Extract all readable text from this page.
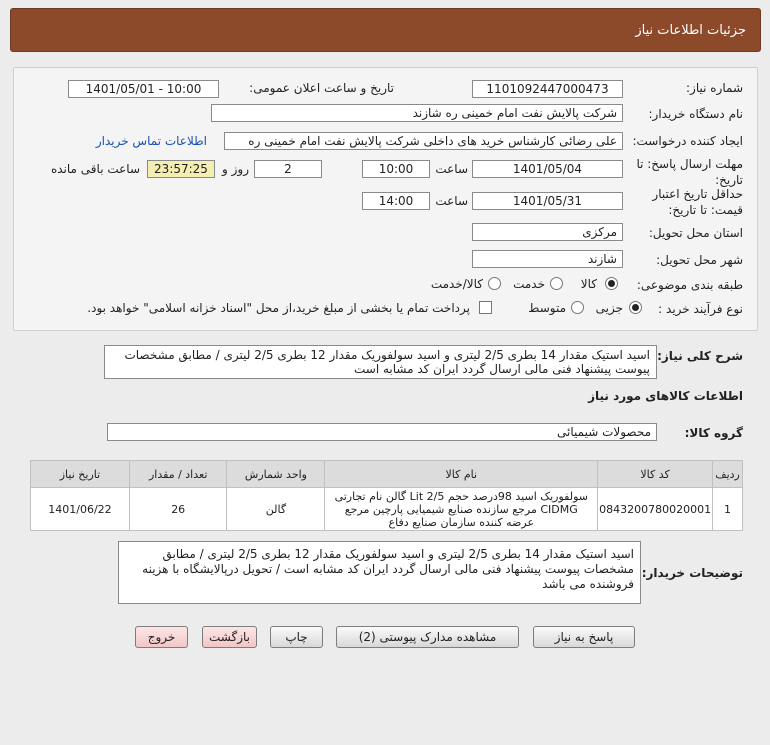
جزئیات اطلاعات نیاز
شماره نیاز:
1101092447000473
تاریخ و ساعت اعلان عمومی:
1401/05/01 - 10:00
نام دستگاه خریدار:
شرکت پالایش نفت امام خمینی ره شازند
ایجاد کننده درخواست:
علی رضائی کارشناس خرید های داخلی شرکت پالایش نفت امام خمینی ره
اطلاعات تماس خریدار
مهلت ارسال پاسخ: تا تاریخ:
1401/05/04
ساعت
10:00
2
روز و
23:57:25
ساعت باقی مانده
حداقل تاریخ اعتبار قیمت: تا تاریخ:
1401/05/31
ساعت
14:00
استان محل تحویل:
مرکزی
شهر محل تحویل:
شازند
طبقه بندی موضوعی:
کالا
خدمت
کالا/خدمت
نوع فرآیند خرید :
جزیی
متوسط
پرداخت تمام یا بخشی از مبلغ خرید،از محل "اسناد خزانه اسلامی" خواهد بود.
شرح کلی نیاز:
اسید استیک مقدار 14 بطری 2/5 لیتری و اسید سولفوریک مقدار 12 بطری 2/5 لیتری / مطابق مشخصات پیوست پیشنهاد فنی مالی ارسال گردد ایران کد مشابه است
اطلاعات کالاهای مورد نیاز
گروه کالا:
محصولات شیمیائی
ردیف	کد کالا	نام کالا	واحد شمارش	تعداد / مقدار	تاریخ نیاز
1	0843200780020001	سولفوریک اسید 98درصد حجم 2/5 Lit گالن نام تجارتی CIDMG مرجع سازنده صنایع شیمیایی پارچین مرجع عرضه کننده سازمان صنایع دفاع	گالن	26	1401/06/22
توضیحات خریدار:
اسید استیک مقدار 14 بطری 2/5 لیتری و اسید سولفوریک مقدار 12 بطری 2/5 لیتری / مطابق مشخصات پیوست پیشنهاد فنی مالی ارسال گردد ایران کد مشابه است / تحویل درپالایشگاه با هزینه فروشنده می باشد
پاسخ به نیاز
مشاهده مدارک پیوستی (2)
چاپ
بازگشت
خروج
